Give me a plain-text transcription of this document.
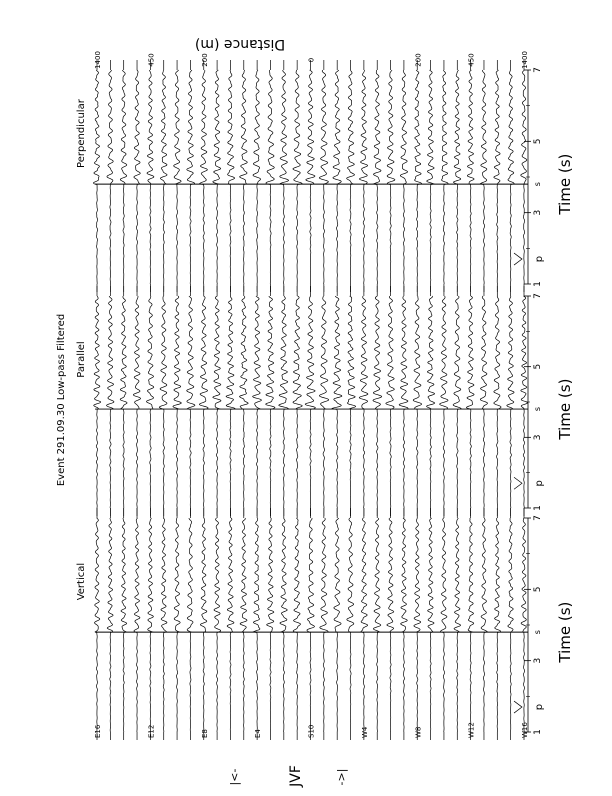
1
3
5
7
Time (s)
p
s
Vertical
1
3
5
7
Time (s)
p
s
Parallel
1
3
5
7
Time (s)
p
s
Perpendicular
Event 291.09.30 Low-pass Filtered
Distance (m)
1400	450	200	0	200	450	1400
E16	E12	E8	E4	S10	W4	W8	W12	W16
JVF
|<-	->|
